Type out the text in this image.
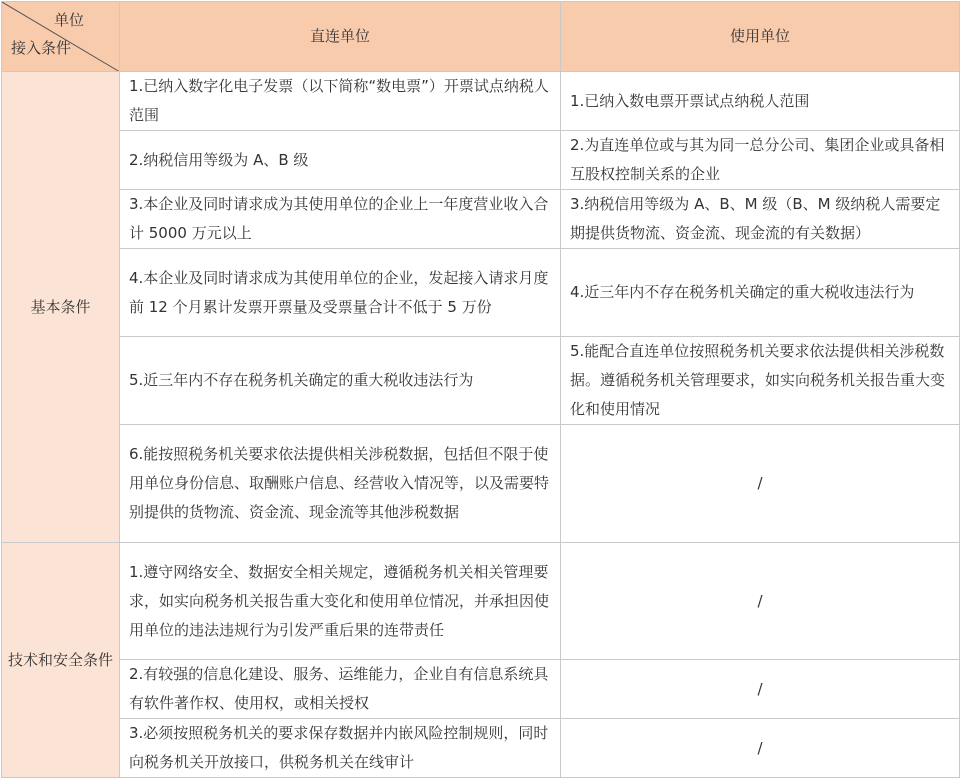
单位
接入条件	直连单位	使用单位
基本条件	1.已纳入数字化电子发票（以下简称“数电票”）开票试点纳税人范围	1.已纳入数电票开票试点纳税人范围
	2.纳税信用等级为 A、B 级	2.为直连单位或与其为同一总分公司、集团企业或具备相互股权控制关系的企业
	3.本企业及同时请求成为其使用单位的企业上一年度营业收入合计 5000 万元以上	3.纳税信用等级为 A、B、M 级（B、M 级纳税人需要定期提供货物流、资金流、现金流的有关数据）
	4.本企业及同时请求成为其使用单位的企业，发起接入请求月度前 12 个月累计发票开票量及受票量合计不低于 5 万份	4.近三年内不存在税务机关确定的重大税收违法行为
	5.近三年内不存在税务机关确定的重大税收违法行为	5.能配合直连单位按照税务机关要求依法提供相关涉税数据。遵循税务机关管理要求，如实向税务机关报告重大变化和使用情况
	6.能按照税务机关要求依法提供相关涉税数据，包括但不限于使用单位身份信息、取酬账户信息、经营收入情况等，以及需要特别提供的货物流、资金流、现金流等其他涉税数据	/
技术和安全条件	1.遵守网络安全、数据安全相关规定，遵循税务机关相关管理要求，如实向税务机关报告重大变化和使用单位情况，并承担因使用单位的违法违规行为引发严重后果的连带责任	/
	2.有较强的信息化建设、服务、运维能力，企业自有信息系统具有软件著作权、使用权，或相关授权	/
	3.必须按照税务机关的要求保存数据并内嵌风险控制规则，同时向税务机关开放接口，供税务机关在线审计	/
